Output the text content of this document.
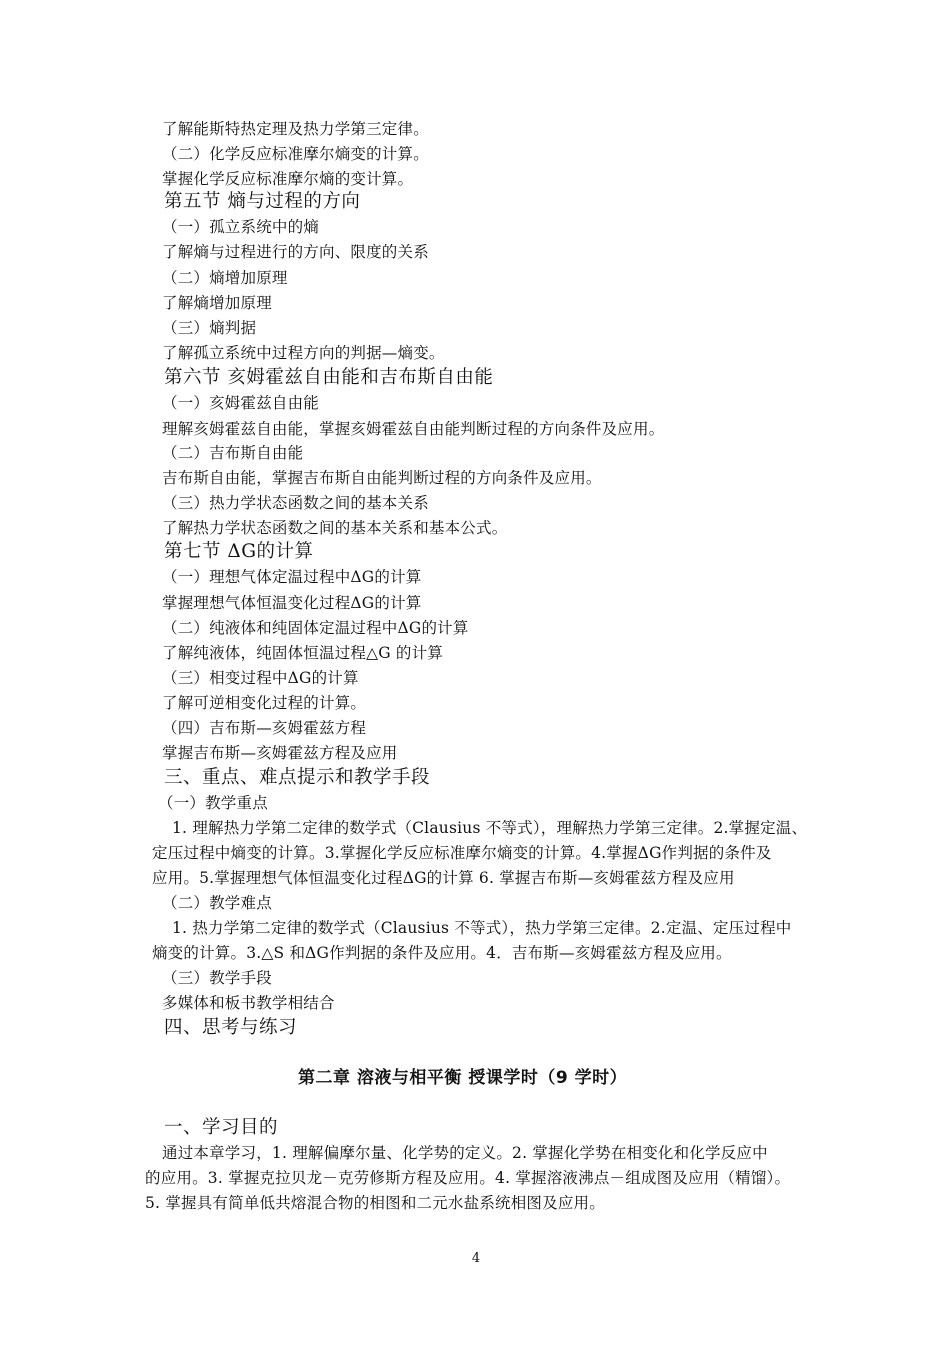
了解能斯特热定理及热力学第三定律。
（二）化学反应标准摩尔熵变的计算。
掌握化学反应标准摩尔熵的变计算。
第五节 熵与过程的方向
（一）孤立系统中的熵
了解熵与过程进行的方向、限度的关系
（二）熵增加原理
了解熵增加原理
（三）熵判据
了解孤立系统中过程方向的判据—熵变。
第六节 亥姆霍兹自由能和吉布斯自由能
（一）亥姆霍兹自由能
理解亥姆霍兹自由能，掌握亥姆霍兹自由能判断过程的方向条件及应用。
（二）吉布斯自由能
吉布斯自由能，掌握吉布斯自由能判断过程的方向条件及应用。
（三）热力学状态函数之间的基本关系
了解热力学状态函数之间的基本关系和基本公式。
第七节 ΔG的计算
（一）理想气体定温过程中ΔG的计算
掌握理想气体恒温变化过程ΔG的计算
（二）纯液体和纯固体定温过程中ΔG的计算
了解纯液体，纯固体恒温过程△G 的计算
（三）相变过程中ΔG的计算
了解可逆相变化过程的计算。
（四）吉布斯—亥姆霍兹方程
掌握吉布斯—亥姆霍兹方程及应用
三、重点、难点提示和教学手段
（一）教学重点
1. 理解热力学第二定律的数学式（Clausius 不等式），理解热力学第三定律。2.掌握定温、
定压过程中熵变的计算。3.掌握化学反应标准摩尔熵变的计算。4.掌握ΔG作判据的条件及
应用。5.掌握理想气体恒温变化过程ΔG的计算 6. 掌握吉布斯—亥姆霍兹方程及应用
（二）教学难点
1. 热力学第二定律的数学式（Clausius 不等式），热力学第三定律。2.定温、定压过程中
熵变的计算。3.△S 和ΔG作判据的条件及应用。4．吉布斯—亥姆霍兹方程及应用。
（三）教学手段
多媒体和板书教学相结合
四、思考与练习
第二章 溶液与相平衡 授课学时（9 学时）
一、学习目的
通过本章学习，1. 理解偏摩尔量、化学势的定义。2. 掌握化学势在相变化和化学反应中
的应用。3. 掌握克拉贝龙－克劳修斯方程及应用。4. 掌握溶液沸点－组成图及应用（精馏）。
5. 掌握具有简单低共熔混合物的相图和二元水盐系统相图及应用。
4
